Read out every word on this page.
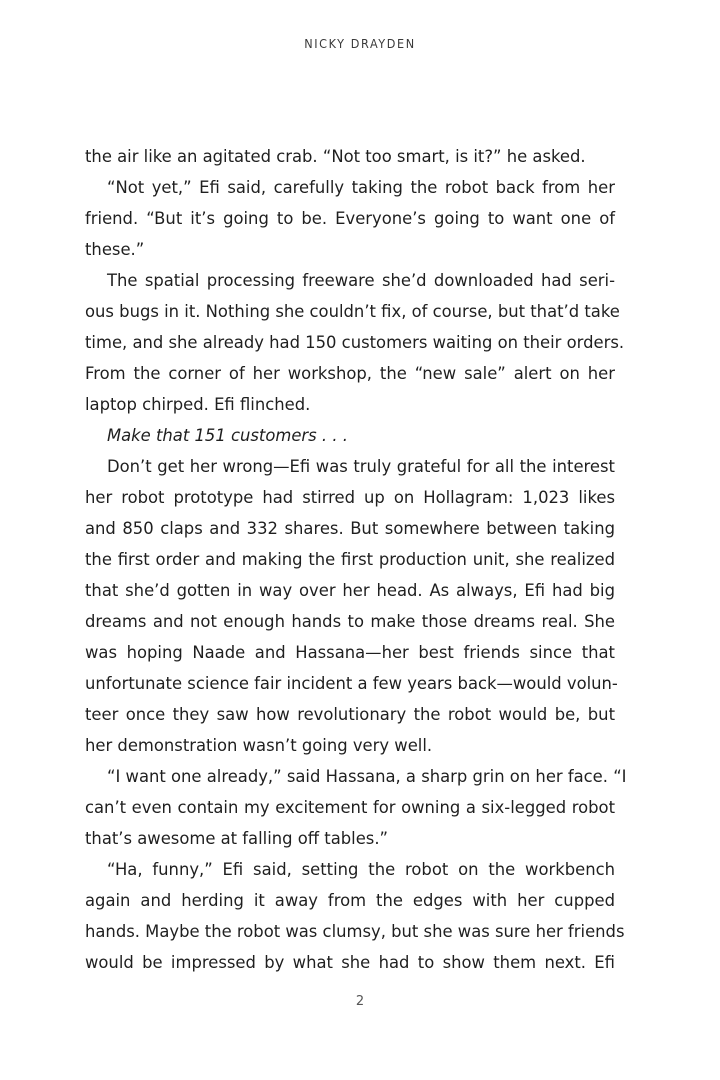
NICKY DRAYDEN
the air like an agitated crab. “Not too smart, is it?” he asked.
“Not yet,” Efi said, carefully taking the robot back from her
friend. “But it’s going to be. Everyone’s going to want one of
these.”
The spatial processing freeware she’d downloaded had seri-
ous bugs in it. Nothing she couldn’t fix, of course, but that’d take
time, and she already had 150 customers waiting on their orders.
From the corner of her workshop, the “new sale” alert on her
laptop chirped. Efi flinched.
Make that 151 customers . . .
Don’t get her wrong—Efi was truly grateful for all the interest
her robot prototype had stirred up on Hollagram: 1,023 likes
and 850 claps and 332 shares. But somewhere between taking
the first order and making the first production unit, she realized
that she’d gotten in way over her head. As always, Efi had big
dreams and not enough hands to make those dreams real. She
was hoping Naade and Hassana—her best friends since that
unfortunate science fair incident a few years back—would volun-
teer once they saw how revolutionary the robot would be, but
her demonstration wasn’t going very well.
“I want one already,” said Hassana, a sharp grin on her face. “I
can’t even contain my excitement for owning a six-legged robot
that’s awesome at falling off tables.”
“Ha, funny,” Efi said, setting the robot on the workbench
again and herding it away from the edges with her cupped
hands. Maybe the robot was clumsy, but she was sure her friends
would be impressed by what she had to show them next. Efi
2
